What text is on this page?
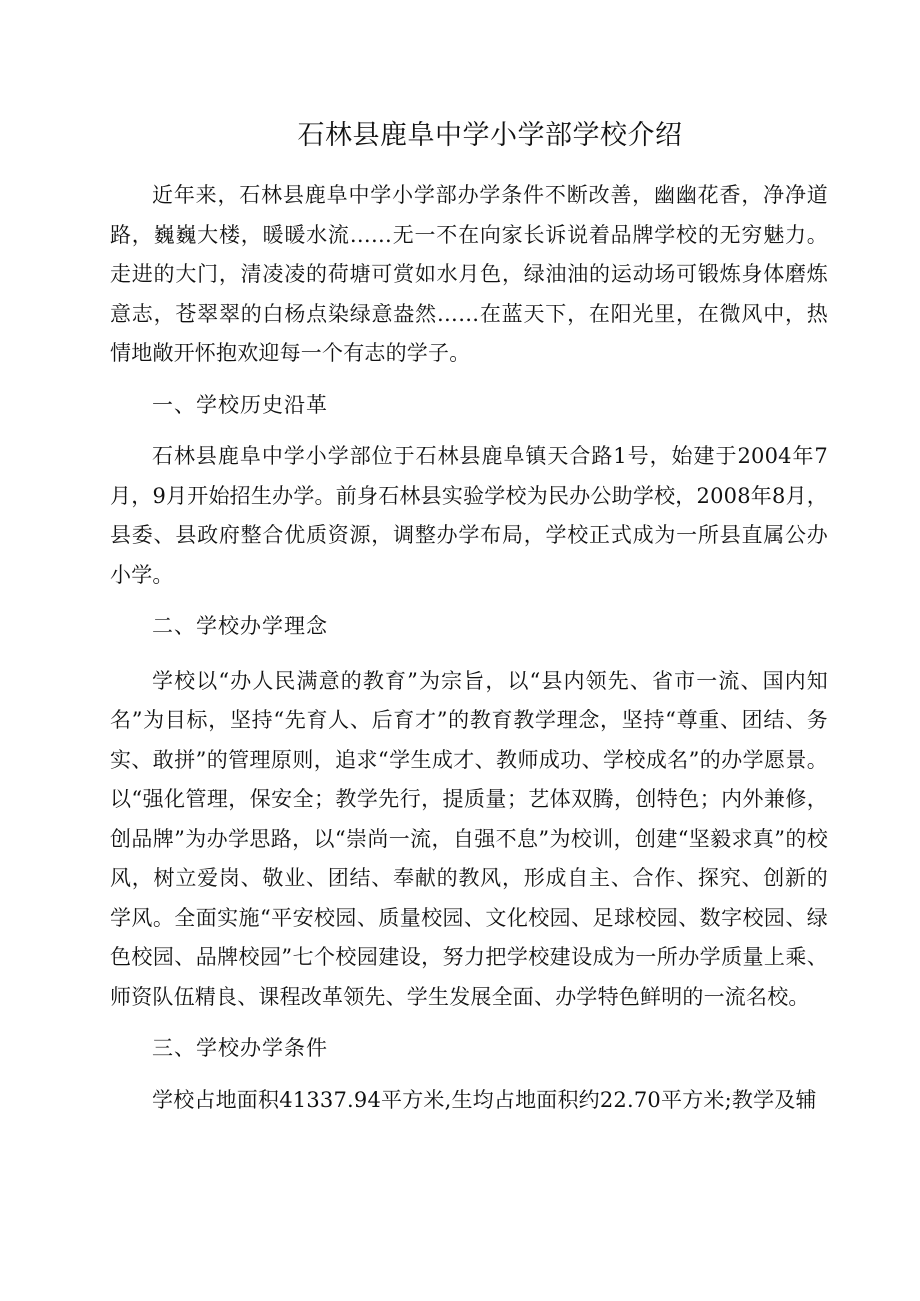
石林县鹿阜中学小学部学校介绍

近年来，石林县鹿阜中学小学部办学条件不断改善，幽幽花香，净净道路，巍巍大楼，暖暖水流……无一不在向家长诉说着品牌学校的无穷魅力。走进的大门，清凌凌的荷塘可赏如水月色，绿油油的运动场可锻炼身体磨炼意志，苍翠翠的白杨点染绿意盎然……在蓝天下，在阳光里，在微风中，热情地敞开怀抱欢迎每一个有志的学子。

一、学校历史沿革

石林县鹿阜中学小学部位于石林县鹿阜镇天合路1号，始建于2004年7月，9月开始招生办学。前身石林县实验学校为民办公助学校，2008年8月，县委、县政府整合优质资源，调整办学布局，学校正式成为一所县直属公办小学。

二、学校办学理念

学校以“办人民满意的教育”为宗旨，以“县内领先、省市一流、国内知名”为目标，坚持“先育人、后育才”的教育教学理念，坚持“尊重、团结、务实、敢拼”的管理原则，追求“学生成才、教师成功、学校成名”的办学愿景。以“强化管理，保安全；教学先行，提质量；艺体双腾，创特色；内外兼修，创品牌”为办学思路，以“崇尚一流，自强不息”为校训，创建“坚毅求真”的校风，树立爱岗、敬业、团结、奉献的教风，形成自主、合作、探究、创新的学风。全面实施“平安校园、质量校园、文化校园、足球校园、数字校园、绿色校园、品牌校园”七个校园建设，努力把学校建设成为一所办学质量上乘、师资队伍精良、课程改革领先、学生发展全面、办学特色鲜明的一流名校。

三、学校办学条件

学校占地面积41337.94平方米,生均占地面积约22.70平方米;教学及辅
